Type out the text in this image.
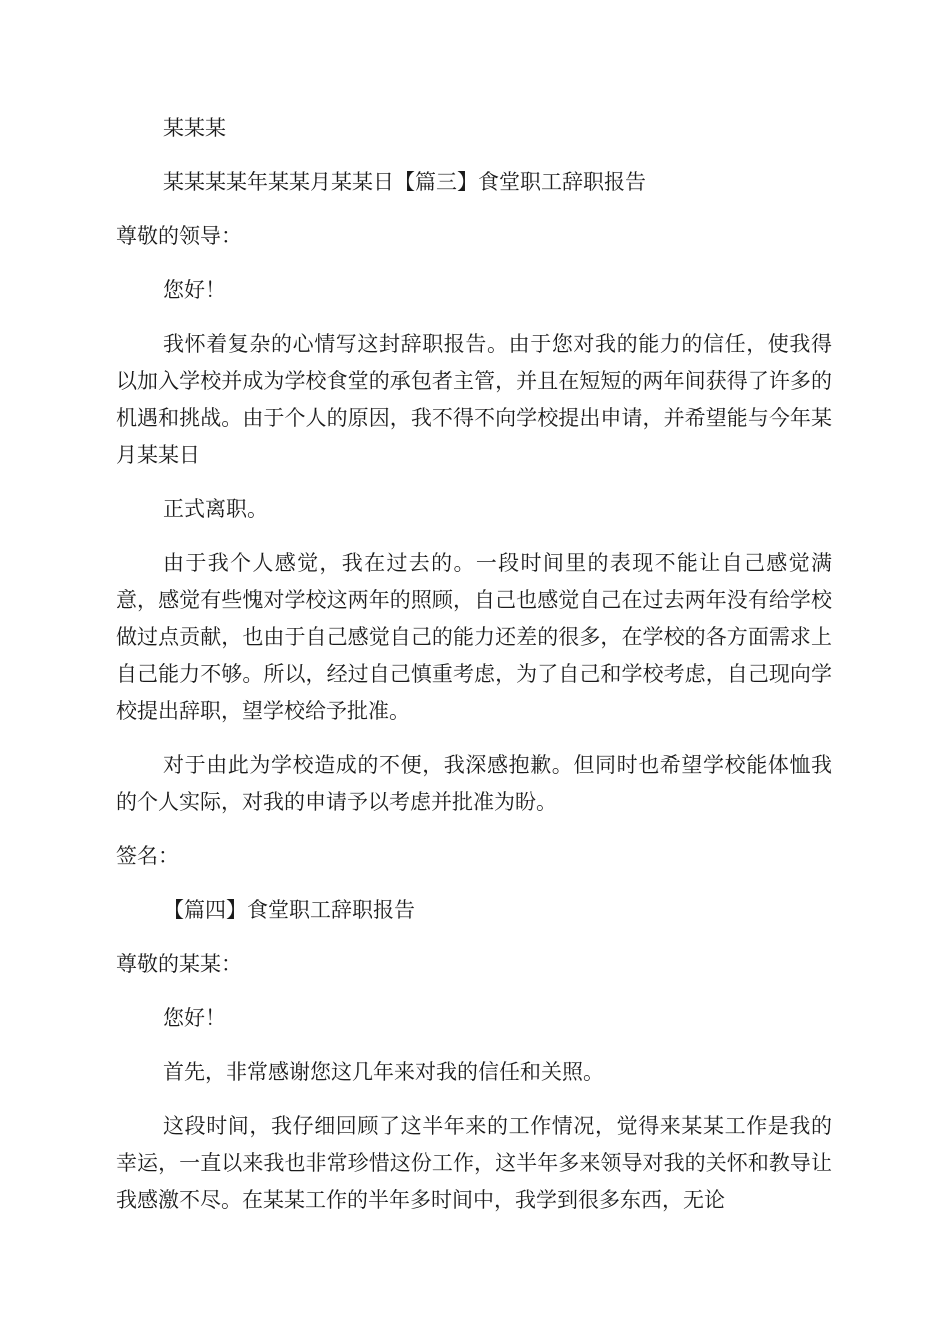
某某某
某某某某年某某月某某日【篇三】食堂职工辞职报告
尊敬的领导：
您好！

我怀着复杂的心情写这封辞职报告。由于您对我的能力的信任，使我得以加入学校并成为学校食堂的承包者主管，并且在短短的两年间获得了许多的机遇和挑战。由于个人的原因，我不得不向学校提出申请，并希望能与今年某月某某日

正式离职。

由于我个人感觉，我在过去的。一段时间里的表现不能让自己感觉满意，感觉有些愧对学校这两年的照顾，自己也感觉自己在过去两年没有给学校做过点贡献，也由于自己感觉自己的能力还差的很多，在学校的各方面需求上自己能力不够。所以，经过自己慎重考虑，为了自己和学校考虑，自己现向学校提出辞职，望学校给予批准。

对于由此为学校造成的不便，我深感抱歉。但同时也希望学校能体恤我的个人实际，对我的申请予以考虑并批准为盼。

签名：
【篇四】食堂职工辞职报告
尊敬的某某：
您好！

首先，非常感谢您这几年来对我的信任和关照。

这段时间，我仔细回顾了这半年来的工作情况，觉得来某某工作是我的幸运，一直以来我也非常珍惜这份工作，这半年多来领导对我的关怀和教导让我感激不尽。在某某工作的半年多时间中，我学到很多东西，无论
